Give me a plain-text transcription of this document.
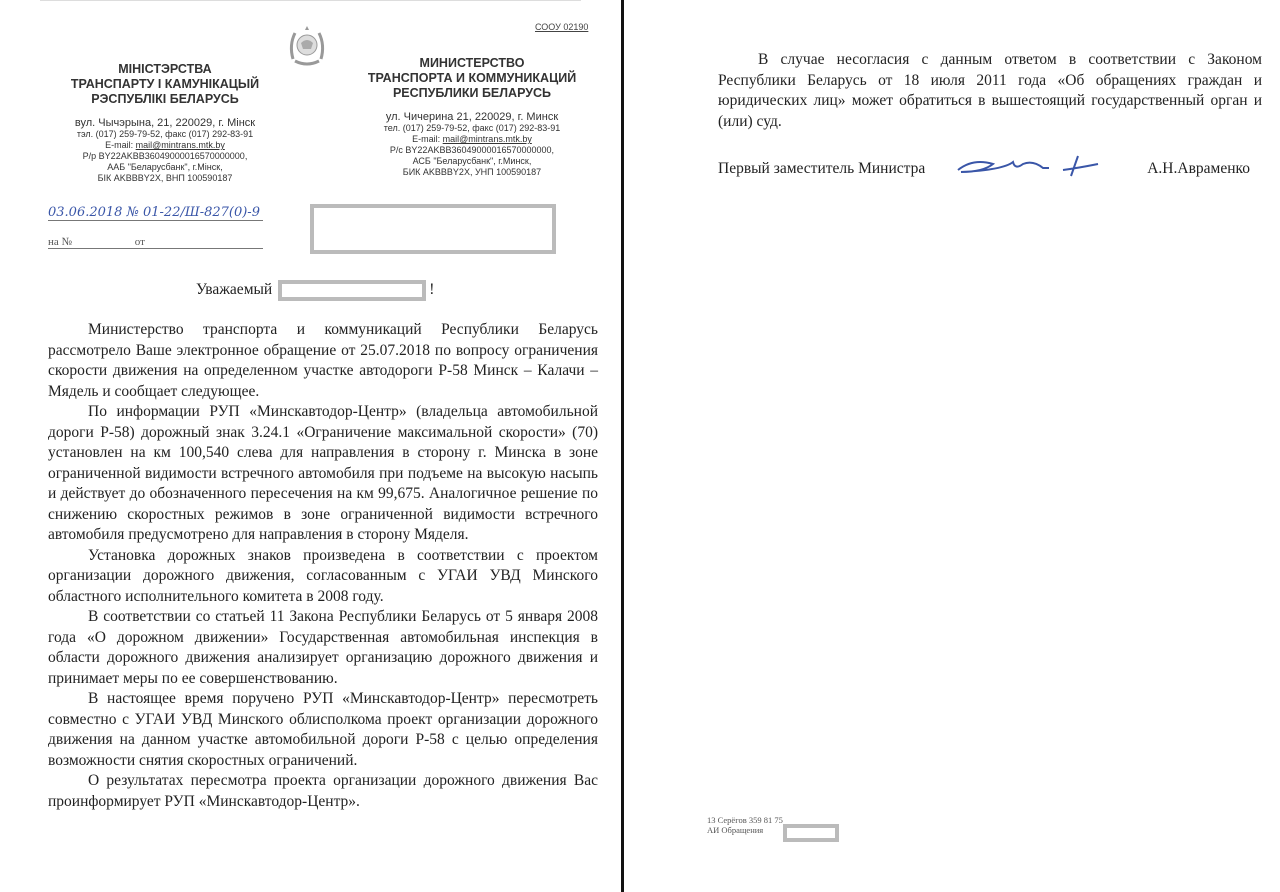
СООУ 02190
МІНІСТЭРСТВА
ТРАНСПАРТУ І КАМУНІКАЦЫЙ
РЭСПУБЛІКІ БЕЛАРУСЬ
вул. Чычэрына, 21, 220029, г. Мінск
тэл. (017) 259-79-52, факс (017) 292-83-91
E-mail: mail@mintrans.mtk.by
Р/р BY22AKBB36049000016570000000,
ААБ "Беларусбанк", г.Мінск,
БІК AKBBBY2X, ВНП 100590187
МИНИСТЕРСТВО
ТРАНСПОРТА И КОММУНИКАЦИЙ
РЕСПУБЛИКИ БЕЛАРУСЬ
ул. Чичерина 21, 220029, г. Минск
тел. (017) 259-79-52, факс (017) 292-83-91
E-mail: mail@mintrans.mtk.by
Р/с BY22AKBB36049000016570000000,
АСБ "Беларусбанк", г.Минск,
БИК AKBBBY2X, УНП 100590187
03.06.2018 № 01-22/Ш-827(0)-9
на №	от
Уважаемый	!

Министерство транспорта и коммуникаций Республики Беларусь рассмотрело Ваше электронное обращение от 25.07.2018 по вопросу ограничения скорости движения на определенном участке автодороги Р-58 Минск – Калачи – Мядель и сообщает следующее.

По информации РУП «Минскавтодор-Центр» (владельца автомобильной дороги Р-58) дорожный знак 3.24.1 «Ограничение максимальной скорости» (70) установлен на км 100,540 слева для направления в сторону г. Минска в зоне ограниченной видимости встречного автомобиля при подъеме на высокую насыпь и действует до обозначенного пересечения на км 99,675. Аналогичное решение по снижению скоростных режимов в зоне ограниченной видимости встречного автомобиля предусмотрено для направления в сторону Мяделя.

Установка дорожных знаков произведена в соответствии с проектом организации дорожного движения, согласованным с УГАИ УВД Минского областного исполнительного комитета в 2008 году.

В соответствии со статьей 11 Закона Республики Беларусь от 5 января 2008 года «О дорожном движении» Государственная автомобильная инспекция в области дорожного движения анализирует организацию дорожного движения и принимает меры по ее совершенствованию.

В настоящее время поручено РУП «Минскавтодор-Центр» пересмотреть совместно с УГАИ УВД Минского облисполкома проект организации дорожного движения на данном участке автомобильной дороги Р-58 с целью определения возможности снятия скоростных ограничений.

О результатах пересмотра проекта организации дорожного движения Вас проинформирует РУП «Минскавтодор-Центр».

В случае несогласия с данным ответом в соответствии с Законом Республики Беларусь от 18 июля 2011 года «Об обращениях граждан и юридических лиц» может обратиться в вышестоящий государственный орган и (или) суд.

Первый заместитель Министра	А.Н.Авраменко
13 Серёгов 359 81 75
АИ Обращения
